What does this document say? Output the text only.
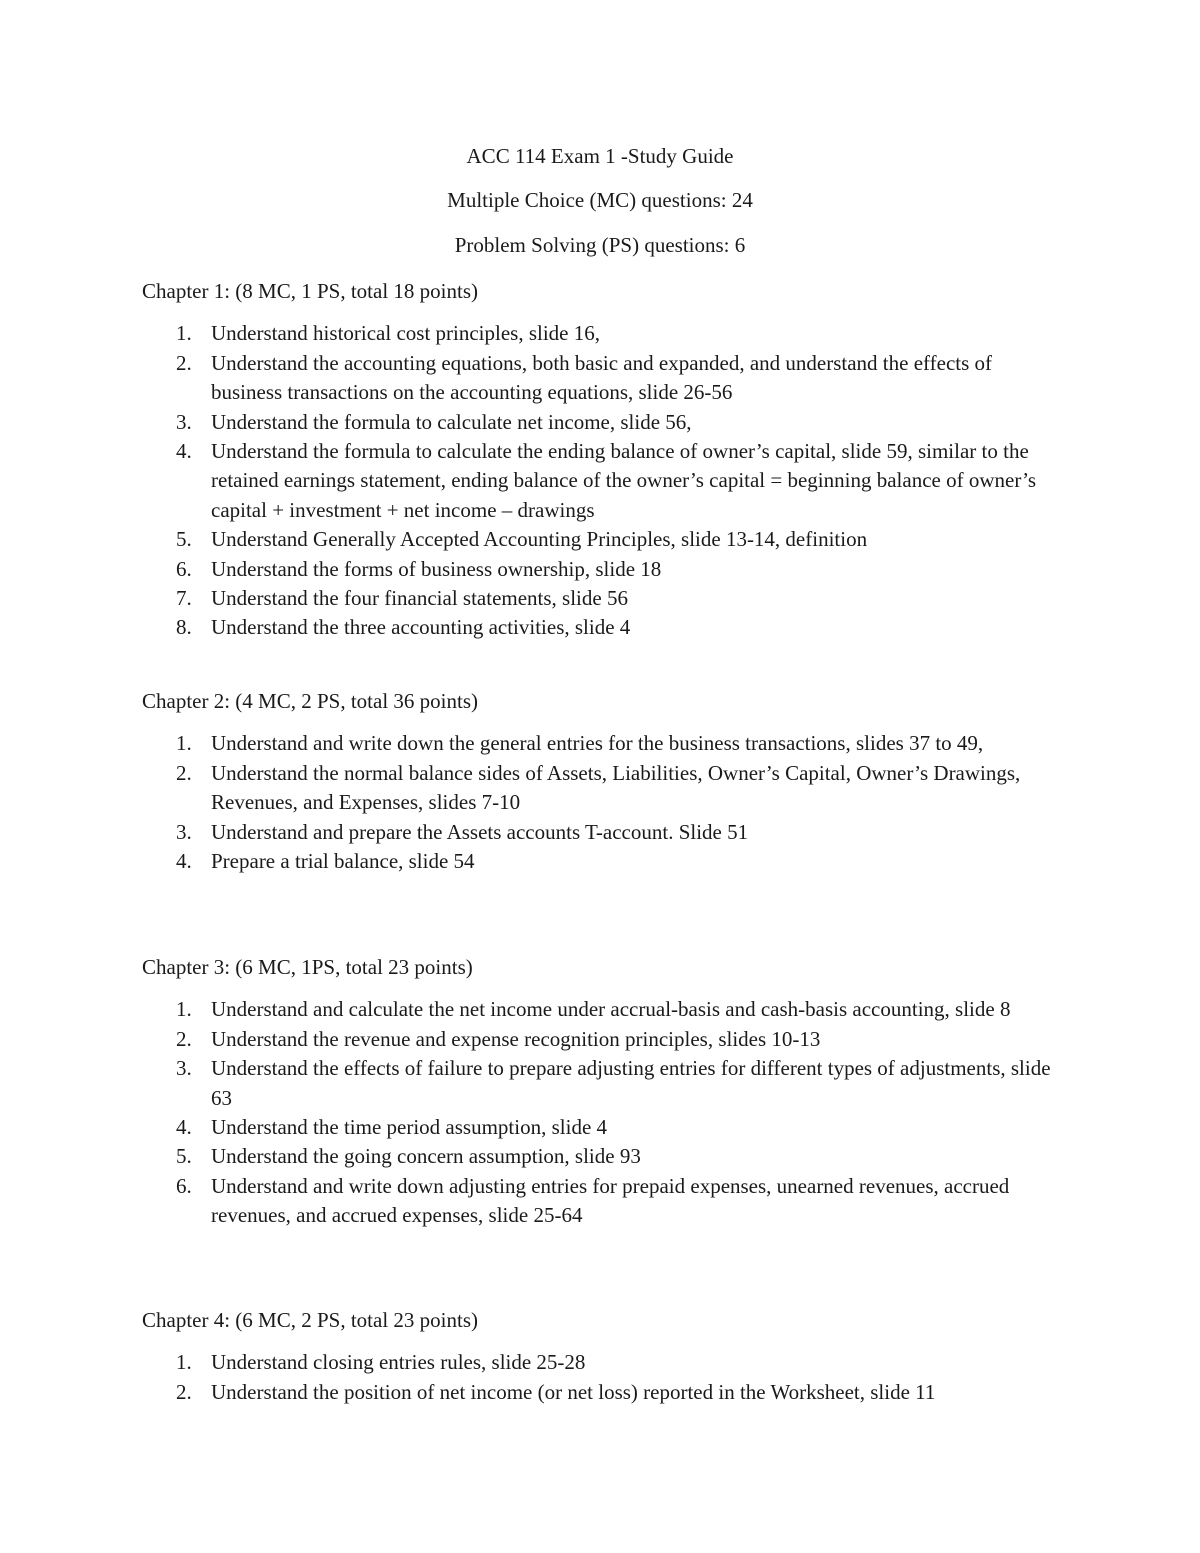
ACC 114 Exam 1 -Study Guide
Multiple Choice (MC) questions: 24
Problem Solving (PS) questions: 6

Chapter 1: (8 MC, 1 PS, total 18 points)

1. Understand historical cost principles, slide 16,
2. Understand the accounting equations, both basic and expanded, and understand the effects of business transactions on the accounting equations, slide 26-56
3. Understand the formula to calculate net income, slide 56,
4. Understand the formula to calculate the ending balance of owner’s capital, slide 59, similar to the retained earnings statement, ending balance of the owner’s capital = beginning balance of owner’s capital + investment + net income – drawings
5. Understand Generally Accepted Accounting Principles, slide 13-14, definition
6. Understand the forms of business ownership, slide 18
7. Understand the four financial statements, slide 56
8. Understand the three accounting activities, slide 4

Chapter 2: (4 MC, 2 PS, total 36 points)

1. Understand and write down the general entries for the business transactions, slides 37 to 49,
2. Understand the normal balance sides of Assets, Liabilities, Owner’s Capital, Owner’s Drawings, Revenues, and Expenses, slides 7-10
3. Understand and prepare the Assets accounts T-account. Slide 51
4. Prepare a trial balance, slide 54

Chapter 3: (6 MC, 1PS, total 23 points)

1. Understand and calculate the net income under accrual-basis and cash-basis accounting, slide 8
2. Understand the revenue and expense recognition principles, slides 10-13
3. Understand the effects of failure to prepare adjusting entries for different types of adjustments, slide 63
4. Understand the time period assumption, slide 4
5. Understand the going concern assumption, slide 93
6. Understand and write down adjusting entries for prepaid expenses, unearned revenues, accrued revenues, and accrued expenses, slide 25-64

Chapter 4: (6 MC, 2 PS, total 23 points)

1. Understand closing entries rules, slide 25-28
2. Understand the position of net income (or net loss) reported in the Worksheet, slide 11
